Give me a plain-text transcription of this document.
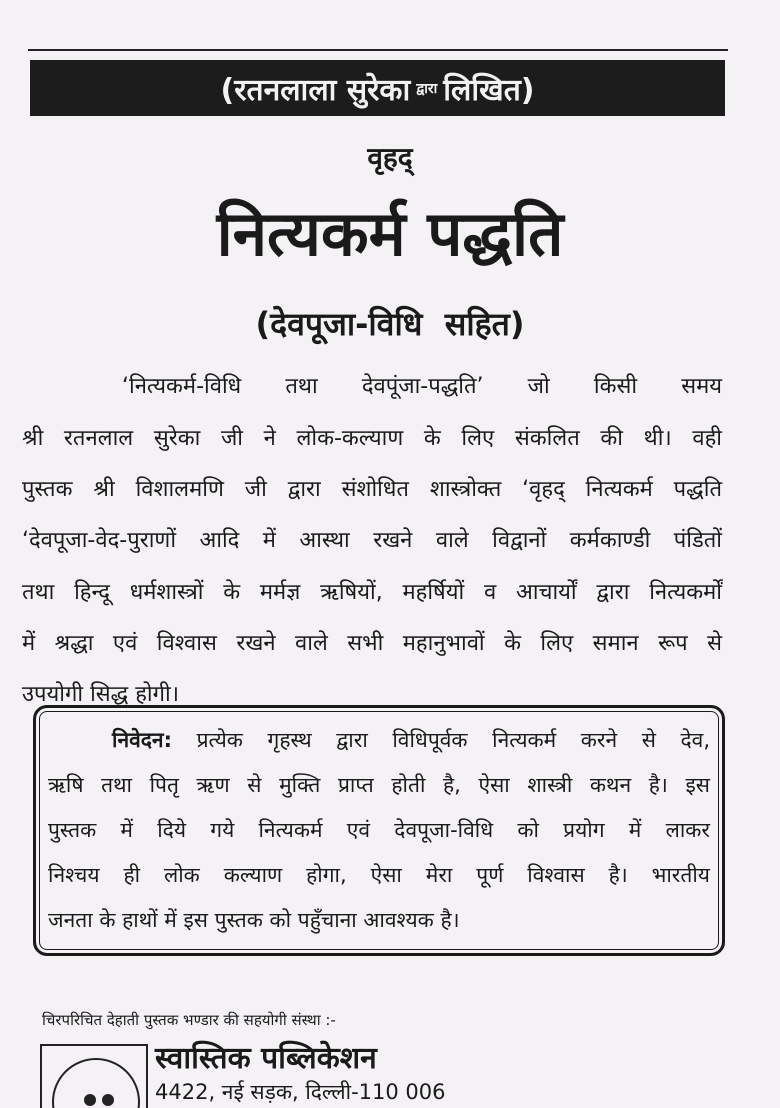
(रतनलाला सुरेका द्वारा लिखित)
वृहद्
नित्यकर्म पद्धति
(देवपूजा-विधि  सहित)
‘नित्यकर्म-विधि तथा देवपूंजा-पद्धति’ जो किसी समय
श्री रतनलाल सुरेका जी ने लोक-कल्याण के लिए संकलित की थी। वही
पुस्तक श्री विशालमणि जी द्वारा संशोधित शास्त्रोक्त ‘वृहद् नित्यकर्म पद्धति
‘देवपूजा-वेद-पुराणों आदि में आस्था रखने वाले विद्वानों कर्मकाण्डी पंडितों
तथा हिन्दू धर्मशास्त्रों के मर्मज्ञ ऋषियों, महर्षियों व आचार्यों द्वारा नित्यकर्मों
में श्रद्धा एवं विश्वास रखने वाले सभी महानुभावों के लिए समान रूप से
उपयोगी सिद्ध होगी।
निवेदन: प्रत्येक गृहस्थ द्वारा विधिपूर्वक नित्यकर्म करने से देव,
ऋषि तथा पितृ ऋण से मुक्ति प्राप्त होती है, ऐसा शास्त्री कथन है। इस
पुस्तक में दिये गये नित्यकर्म एवं देवपूजा-विधि को प्रयोग में लाकर
निश्चय ही लोक कल्याण होगा, ऐसा मेरा पूर्ण विश्वास है। भारतीय
जनता के हाथों में इस पुस्तक को पहुँचाना आवश्यक है।
चिरपरिचित देहाती पुस्तक भण्डार की सहयोगी संस्था :-
स्वास्तिक पब्लिकेशन
4422, नई सड़क, दिल्ली-110 006
